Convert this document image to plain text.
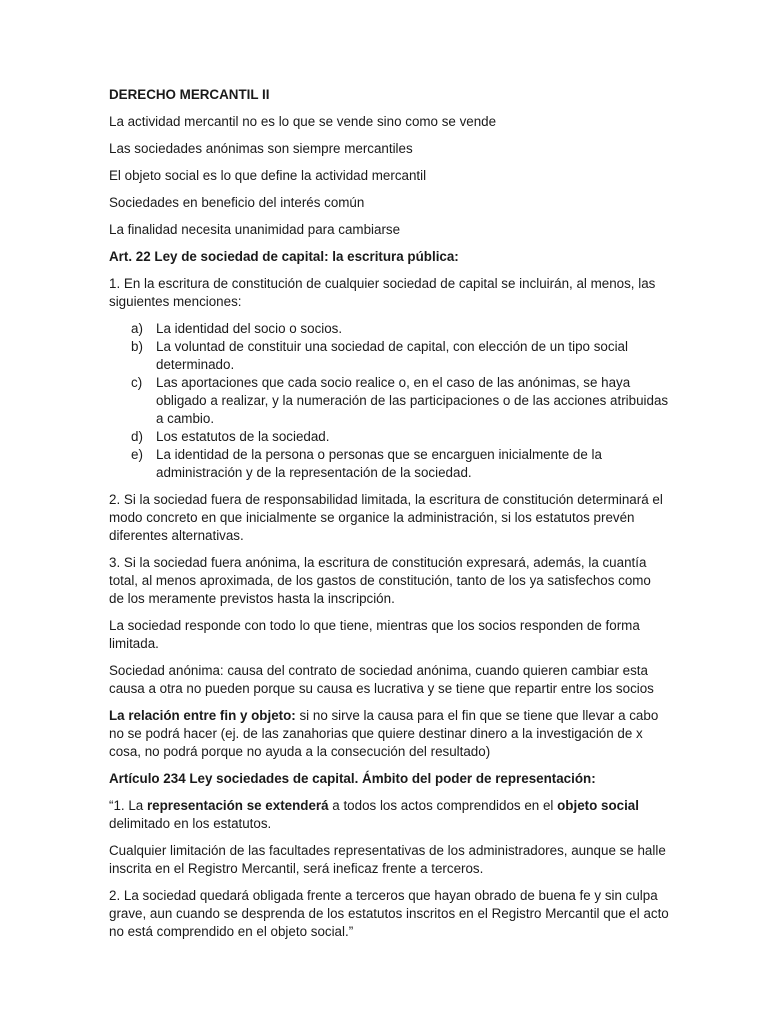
DERECHO MERCANTIL II

La actividad mercantil no es lo que se vende sino como se vende

Las sociedades anónimas son siempre mercantiles

El objeto social es lo que define la actividad mercantil

Sociedades en beneficio del interés común

La finalidad necesita unanimidad para cambiarse

Art. 22 Ley de sociedad de capital: la escritura pública:

1. En la escritura de constitución de cualquier sociedad de capital se incluirán, al menos, las siguientes menciones:

a) La identidad del socio o socios.
b) La voluntad de constituir una sociedad de capital, con elección de un tipo social determinado.
c)	Las aportaciones que cada socio realice o, en el caso de las anónimas, se haya obligado a realizar, y la numeración de las participaciones o de las acciones atribuidas a cambio.
d) Los estatutos de la sociedad.
e) La identidad de la persona o personas que se encarguen inicialmente de la administración y de la representación de la sociedad.

2. Si la sociedad fuera de responsabilidad limitada, la escritura de constitución determinará el modo concreto en que inicialmente se organice la administración, si los estatutos prevén diferentes alternativas.

3. Si la sociedad fuera anónima, la escritura de constitución expresará, además, la cuantía total, al menos aproximada, de los gastos de constitución, tanto de los ya satisfechos como de los meramente previstos hasta la inscripción.

La sociedad responde con todo lo que tiene, mientras que los socios responden de forma limitada.

Sociedad anónima: causa del contrato de sociedad anónima, cuando quieren cambiar esta causa a otra no pueden porque su causa es lucrativa y se tiene que repartir entre los socios

La relación entre fin y objeto: si no sirve la causa para el fin que se tiene que llevar a cabo no se podrá hacer (ej. de las zanahorias que quiere destinar dinero a la investigación de x cosa, no podrá porque no ayuda a la consecución del resultado)

Artículo 234 Ley sociedades de capital. Ámbito del poder de representación:

“1. La representación se extenderá a todos los actos comprendidos en el objeto social delimitado en los estatutos.

Cualquier limitación de las facultades representativas de los administradores, aunque se halle inscrita en el Registro Mercantil, será ineficaz frente a terceros.

2. La sociedad quedará obligada frente a terceros que hayan obrado de buena fe y sin culpa grave, aun cuando se desprenda de los estatutos inscritos en el Registro Mercantil que el acto no está comprendido en el objeto social.”
